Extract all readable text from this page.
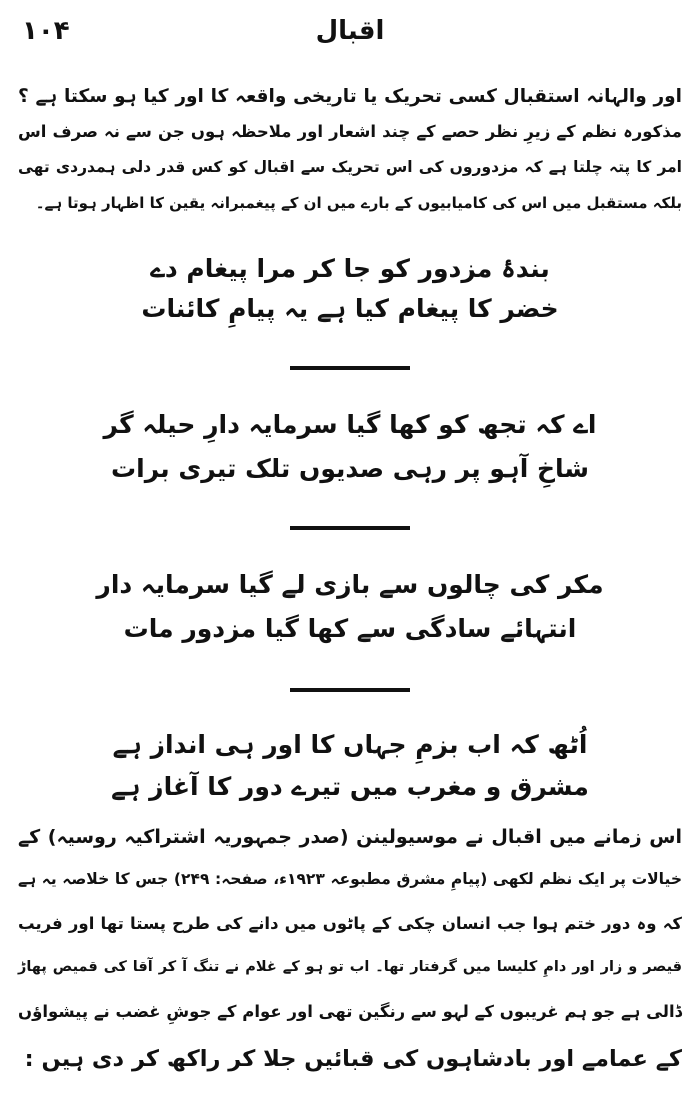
۱۰۴	اقبال
اور والہانہ استقبال کسی تحریک یا تاریخی واقعہ کا اور کیا ہو سکتا ہے ؟
مذکورہ نظم کے زیرِ نظر حصے کے چند اشعار اور ملاحظہ ہوں جن سے نہ صرف اس
امر کا پتہ چلتا ہے کہ مزدوروں کی اس تحریک سے اقبال کو کس قدر دلی ہمدردی تھی
بلکہ مستقبل میں اس کی کامیابیوں کے بارے میں ان کے پیغمبرانہ یقین کا اظہار ہوتا ہے۔
بندۂ مزدور کو جا کر مرا پیغام دے
خضر کا پیغام کیا ہے یہ پیامِ کائنات
اے کہ تجھ کو کھا گیا سرمایہ دارِ حیلہ گر
شاخِ آہو پر رہی صدیوں تلک تیری برات
مکر کی چالوں سے بازی لے گیا سرمایہ دار
انتہائے سادگی سے کھا گیا مزدور مات
اُٹھ کہ اب بزمِ جہاں کا اور ہی انداز ہے
مشرق و مغرب میں تیرے دور کا آغاز ہے
اس زمانے میں اقبال نے موسیولینن (صدر جمہوریہ اشتراکیہ روسیہ) کے
خیالات پر ایک نظم لکھی (پیامِ مشرق مطبوعہ ۱۹۲۳ء، صفحہ: ۲۴۹) جس کا خلاصہ یہ ہے
کہ وہ دور ختم ہوا جب انسان چکی کے پاٹوں میں دانے کی طرح پستا تھا اور فریب
قیصر و زار اور دامِ کلیسا میں گرفتار تھا۔ اب تو ہو کے غلام نے تنگ آ کر آقا کی قمیص پھاڑ
ڈالی ہے جو ہم غریبوں کے لہو سے رنگین تھی اور عوام کے جوشِ غضب نے پیشواؤں
کے عمامے اور بادشاہوں کی قبائیں جلا کر راکھ کر دی ہیں :
